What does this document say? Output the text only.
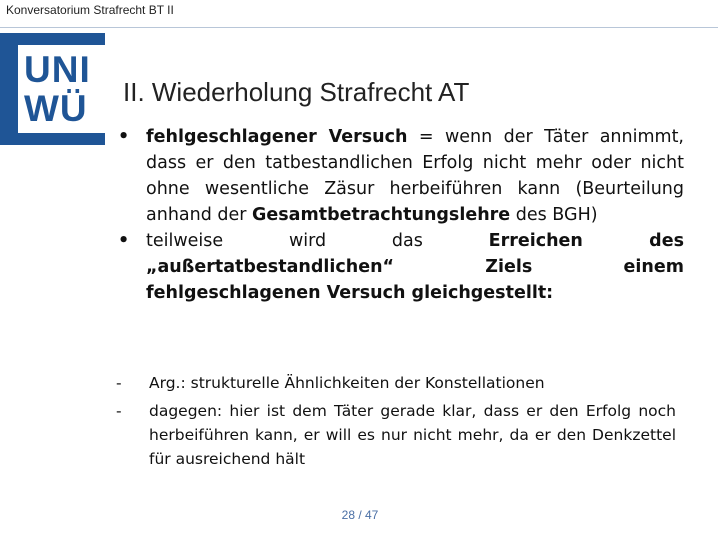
Konversatorium Strafrecht BT II
UNI
WÜ	II. Wiederholung Strafrecht AT

• fehlgeschlagener Versuch = wenn der Täter annimmt, dass er den tatbestandlichen Erfolg nicht mehr oder nicht ohne wesentliche Zäsur herbeiführen kann (Beurteilung anhand der Gesamtbetrachtungslehre des BGH)

• teilweise wird das Erreichen des „außertatbestandlichen“ Ziels einem fehlgeschlagenen Versuch gleichgestellt:

- Arg.: strukturelle Ähnlichkeiten der Konstellationen
- dagegen: hier ist dem Täter gerade klar, dass er den Erfolg noch herbeiführen kann, er will es nur nicht mehr, da er den Denkzettel für ausreichend hält
28 / 47
